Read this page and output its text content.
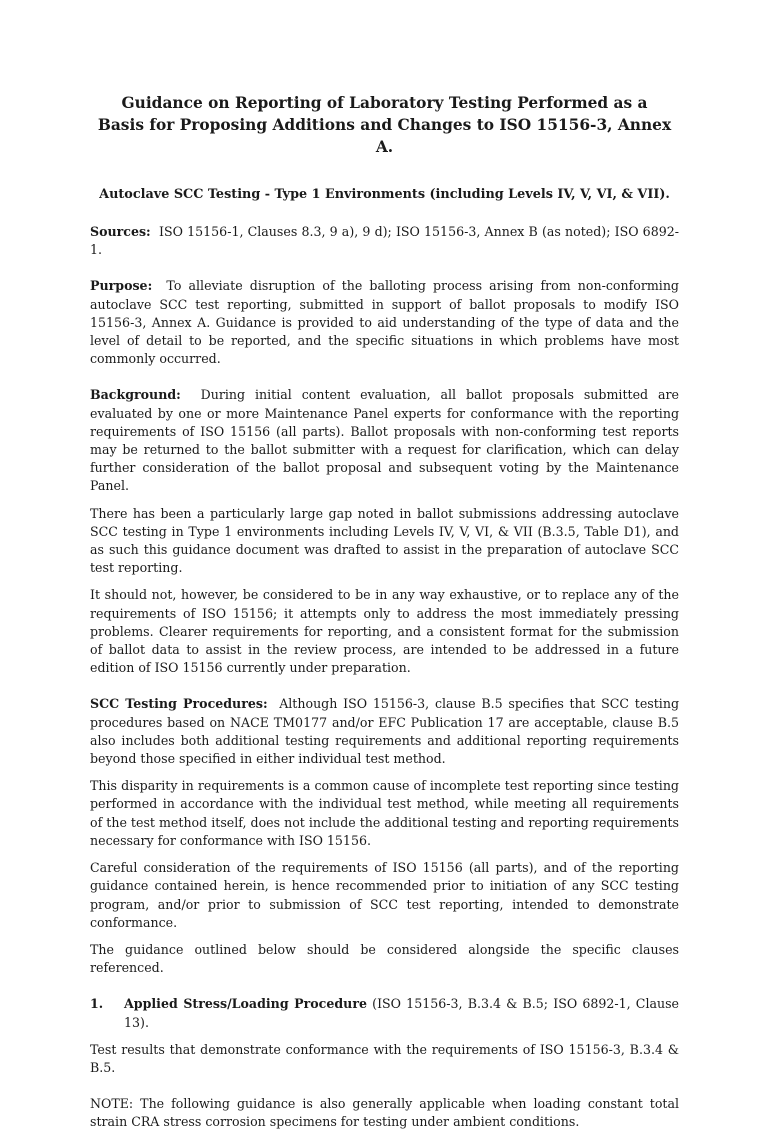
Guidance on Reporting of Laboratory Testing Performed as a
Basis for Proposing Additions and Changes to ISO 15156-3, Annex A.

Autoclave SCC Testing - Type 1 Environments (including Levels IV, V, VI, & VII).

Sources: ISO 15156-1, Clauses 8.3, 9 a), 9 d); ISO 15156-3, Annex B (as noted); ISO 6892-1.

Purpose: To alleviate disruption of the balloting process arising from non-conforming autoclave SCC test reporting, submitted in support of ballot proposals to modify ISO 15156-3, Annex A. Guidance is provided to aid understanding of the type of data and the level of detail to be reported, and the specific situations in which problems have most commonly occurred.

Background: During initial content evaluation, all ballot proposals submitted are evaluated by one or more Maintenance Panel experts for conformance with the reporting requirements of ISO 15156 (all parts). Ballot proposals with non-conforming test reports may be returned to the ballot submitter with a request for clarification, which can delay further consideration of the ballot proposal and subsequent voting by the Maintenance Panel.

There has been a particularly large gap noted in ballot submissions addressing autoclave SCC testing in Type 1 environments including Levels IV, V, VI, & VII (B.3.5, Table D1), and as such this guidance document was drafted to assist in the preparation of autoclave SCC test reporting.

It should not, however, be considered to be in any way exhaustive, or to replace any of the requirements of ISO 15156; it attempts only to address the most immediately pressing problems. Clearer requirements for reporting, and a consistent format for the submission of ballot data to assist in the review process, are intended to be addressed in a future edition of ISO 15156 currently under preparation.

SCC Testing Procedures: Although ISO 15156-3, clause B.5 specifies that SCC testing procedures based on NACE TM0177 and/or EFC Publication 17 are acceptable, clause B.5 also includes both additional testing requirements and additional reporting requirements beyond those specified in either individual test method.

This disparity in requirements is a common cause of incomplete test reporting since testing performed in accordance with the individual test method, while meeting all requirements of the test method itself, does not include the additional testing and reporting requirements necessary for conformance with ISO 15156.

Careful consideration of the requirements of ISO 15156 (all parts), and of the reporting guidance contained herein, is hence recommended prior to initiation of any SCC testing program, and/or prior to submission of SCC test reporting, intended to demonstrate conformance.

The guidance outlined below should be considered alongside the specific clauses referenced.

1.	Applied Stress/Loading Procedure (ISO 15156-3, B.3.4 & B.5; ISO 6892-1, Clause 13).

Test results that demonstrate conformance with the requirements of ISO 15156-3, B.3.4 & B.5.

NOTE: The following guidance is also generally applicable when loading constant total strain CRA stress corrosion specimens for testing under ambient conditions.
